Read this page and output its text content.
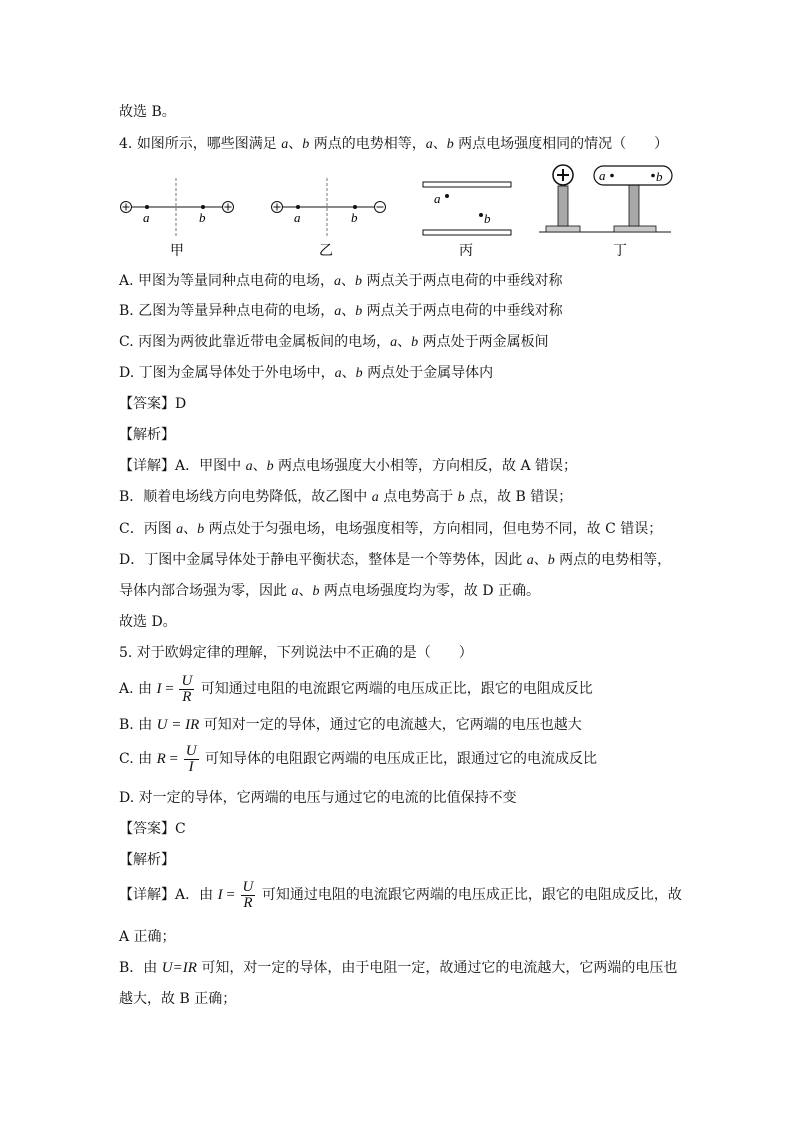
故选 B。
4. 如图所示，哪些图满足 a、b 两点的电势相等，a、b 两点电场强度相同的情况（　　）
a	b
甲
a	b
乙
a
b
丙
a	b
丁
A. 甲图为等量同种点电荷的电场，a、b 两点关于两点电荷的中垂线对称
B. 乙图为等量异种点电荷的电场，a、b 两点关于两点电荷的中垂线对称
C. 丙图为两彼此靠近带电金属板间的电场，a、b 两点处于两金属板间
D. 丁图为金属导体处于外电场中，a、b 两点处于金属导体内
【答案】D
【解析】
【详解】A．甲图中 a、b 两点电场强度大小相等，方向相反，故 A 错误；
B．顺着电场线方向电势降低，故乙图中 a 点电势高于 b 点，故 B 错误；
C．丙图 a、b 两点处于匀强电场，电场强度相等，方向相同，但电势不同，故 C 错误；
D．丁图中金属导体处于静电平衡状态，整体是一个等势体，因此 a、b 两点的电势相等，
导体内部合场强为零，因此 a、b 两点电场强度均为零，故 D 正确。
故选 D。
5. 对于欧姆定律的理解，下列说法中不正确的是（　　）
A. 由 $I = \frac{U}{R}$ 可知通过电阻的电流跟它两端的电压成正比，跟它的电阻成反比
B. 由 U = IR 可知对一定的导体，通过它的电流越大，它两端的电压也越大
C. 由 $R = \frac{U}{I}$ 可知导体的电阻跟它两端的电压成正比，跟通过它的电流成反比
D. 对一定的导体，它两端的电压与通过它的电流的比值保持不变
【答案】C
【解析】
【详解】A．由 $I = \frac{U}{R}$ 可知通过电阻的电流跟它两端的电压成正比，跟它的电阻成反比，故
A 正确；
B．由 U=IR 可知，对一定的导体，由于电阻一定，故通过它的电流越大，它两端的电压也
越大，故 B 正确；
